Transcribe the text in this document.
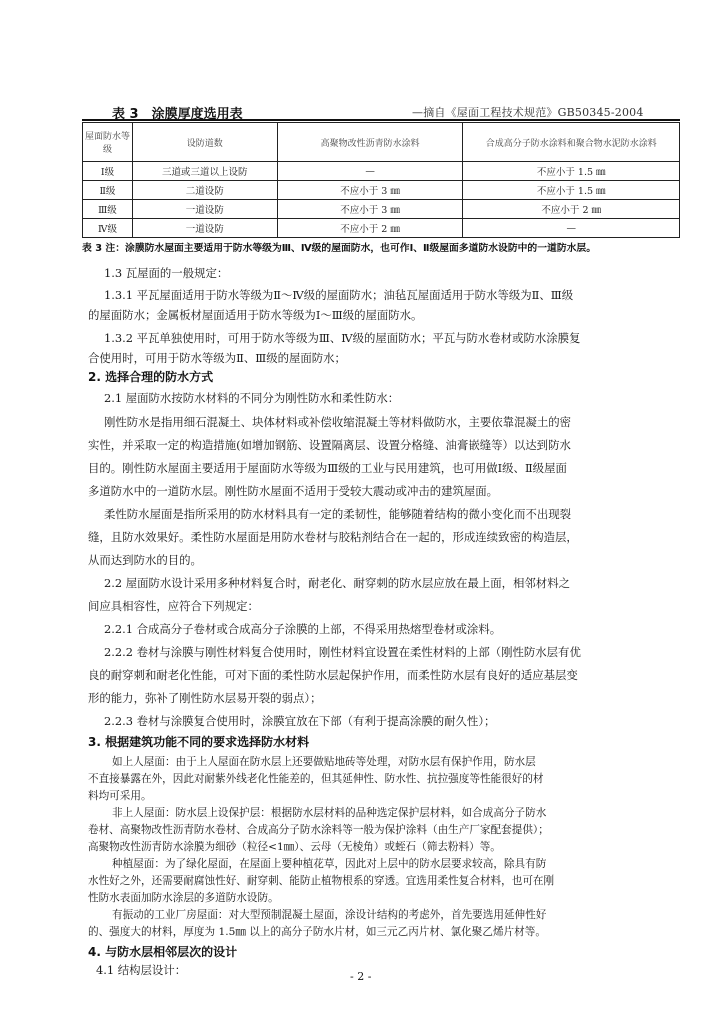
表 3　涂膜厚度选用表	—摘自《屋面工程技术规范》GB50345-2004
屋面防水等级	设防道数	高聚物改性沥青防水涂料	合成高分子防水涂料和聚合物水泥防水涂料
Ⅰ级	三道或三道以上设防	—	不应小于 1.5 ㎜
Ⅱ级	二道设防	不应小于 3 ㎜	不应小于 1.5 ㎜
Ⅲ级	一道设防	不应小于 3 ㎜	不应小于 2 ㎜
Ⅳ级	一道设防	不应小于 2 ㎜	—
表 3 注：涂膜防水屋面主要适用于防水等级为Ⅲ、Ⅳ级的屋面防水，也可作Ⅰ、Ⅱ级屋面多道防水设防中的一道防水层。
1.3 瓦屋面的一般规定：
1.3.1 平瓦屋面适用于防水等级为Ⅱ～Ⅳ级的屋面防水；油毡瓦屋面适用于防水等级为Ⅱ、Ⅲ级
的屋面防水；金属板材屋面适用于防水等级为Ⅰ～Ⅲ级的屋面防水。
1.3.2 平瓦单独使用时，可用于防水等级为Ⅲ、Ⅳ级的屋面防水；平瓦与防水卷材或防水涂膜复
合使用时，可用于防水等级为Ⅱ、Ⅲ级的屋面防水；
2. 选择合理的防水方式
2.1 屋面防水按防水材料的不同分为刚性防水和柔性防水：
刚性防水是指用细石混凝土、块体材料或补偿收缩混凝土等材料做防水，主要依靠混凝土的密
实性，并采取一定的构造措施(如增加钢筋、设置隔离层、设置分格缝、油膏嵌缝等）以达到防水
目的。刚性防水屋面主要适用于屋面防水等级为Ⅲ级的工业与民用建筑，也可用做Ⅰ级、Ⅱ级屋面
多道防水中的一道防水层。刚性防水屋面不适用于受较大震动或冲击的建筑屋面。
柔性防水屋面是指所采用的防水材料具有一定的柔韧性，能够随着结构的微小变化而不出现裂
缝，且防水效果好。柔性防水屋面是用防水卷材与胶粘剂结合在一起的，形成连续致密的构造层，
从而达到防水的目的。
2.2 屋面防水设计采用多种材料复合时，耐老化、耐穿刺的防水层应放在最上面，相邻材料之
间应具相容性，应符合下列规定：
2.2.1 合成高分子卷材或合成高分子涂膜的上部，不得采用热熔型卷材或涂料。
2.2.2 卷材与涂膜与刚性材料复合使用时，刚性材料宜设置在柔性材料的上部（刚性防水层有优
良的耐穿刺和耐老化性能，可对下面的柔性防水层起保护作用，而柔性防水层有良好的适应基层变
形的能力，弥补了刚性防水层易开裂的弱点）；
2.2.3 卷材与涂膜复合使用时，涂膜宜放在下部（有利于提高涂膜的耐久性）；
3. 根据建筑功能不同的要求选择防水材料
如上人屋面：由于上人屋面在防水层上还要做贴地砖等处理，对防水层有保护作用，防水层
不直接暴露在外，因此对耐紫外线老化性能差的，但其延伸性、防水性、抗拉强度等性能很好的材
料均可采用。
非上人屋面：防水层上设保护层：根据防水层材料的品种选定保护层材料，如合成高分子防水
卷材、高聚物改性沥青防水卷材、合成高分子防水涂料等一般为保护涂料（由生产厂家配套提供）；
高聚物改性沥青防水涂膜为细砂（粒径<1㎜）、云母（无棱角）或蛭石（筛去粉料）等。
种植屋面：为了绿化屋面，在屋面上要种植花草，因此对上层中的防水层要求较高，除具有防
水性好之外，还需要耐腐蚀性好、耐穿刺、能防止植物根系的穿透。宜选用柔性复合材料，也可在刚
性防水表面加防水涂层的多道防水设防。
- 2 -
有振动的工业厂房屋面：对大型预制混凝土屋面，涂设计结构的考虑外，首先要选用延伸性好
的、强度大的材料，厚度为 1.5㎜ 以上的高分子防水片材，如三元乙丙片材、氯化聚乙烯片材等。
4. 与防水层相邻层次的设计
4.1 结构层设计：
